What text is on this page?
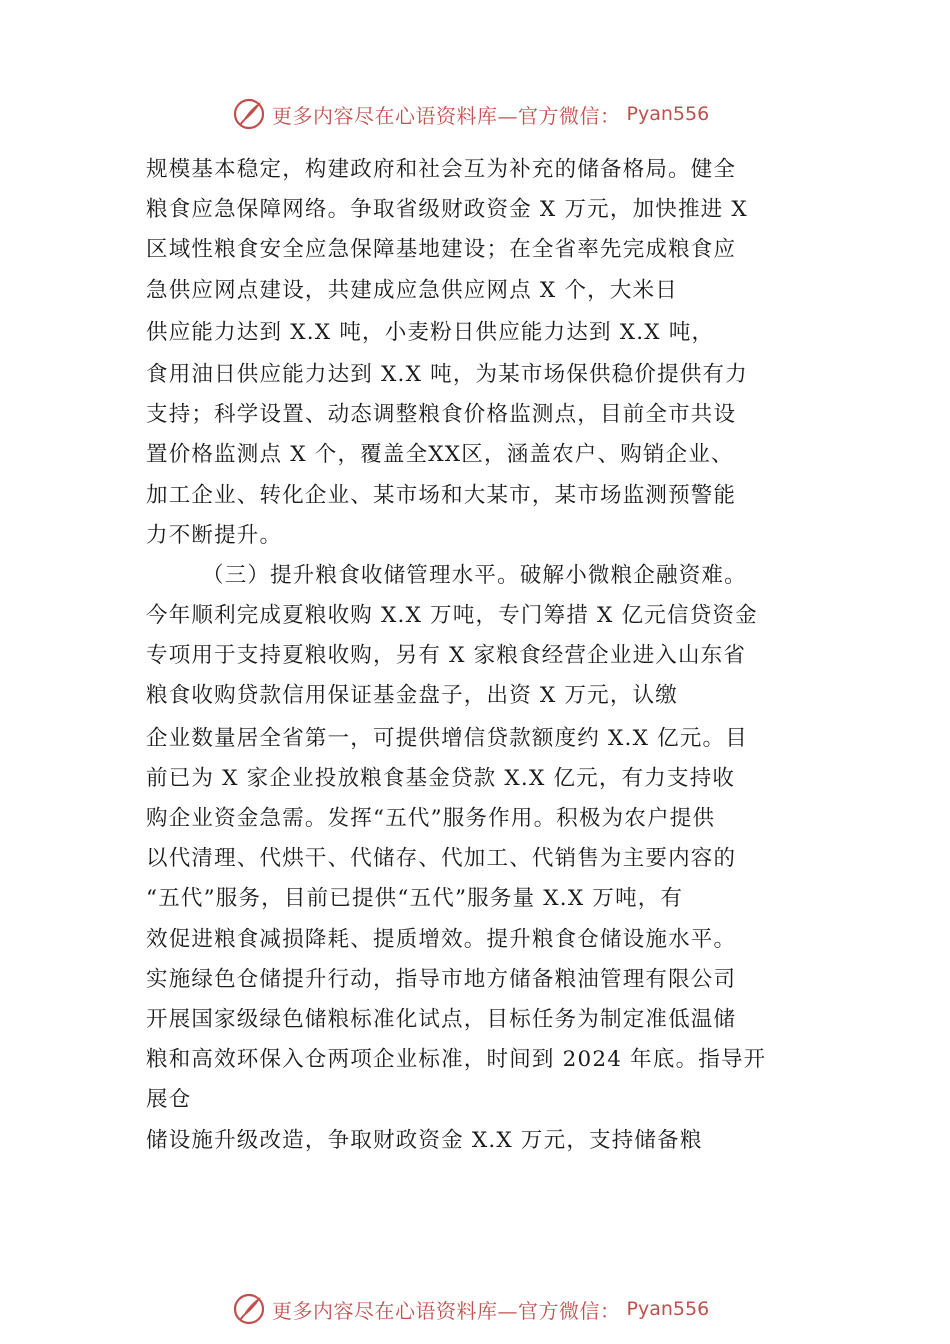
更多内容尽在心语资料库—官方微信： Pyan556
规模基本稳定，构建政府和社会互为补充的储备格局。健全
粮食应急保障网络。争取省级财政资金 X 万元，加快推进 X
区域性粮食安全应急保障基地建设；在全省率先完成粮食应
急供应网点建设，共建成应急供应网点 X 个，大米日
供应能力达到 X.X 吨，小麦粉日供应能力达到 X.X 吨，
食用油日供应能力达到 X.X 吨，为某市场保供稳价提供有力
支持；科学设置、动态调整粮食价格监测点，目前全市共设
置价格监测点 X 个，覆盖全XX区，涵盖农户、购销企业、
加工企业、转化企业、某市场和大某市，某市场监测预警能
力不断提升。
（三）提升粮食收储管理水平。破解小微粮企融资难。
今年顺利完成夏粮收购 X.X 万吨，专门筹措 X 亿元信贷资金
专项用于支持夏粮收购，另有 X 家粮食经营企业进入山东省
粮食收购贷款信用保证基金盘子，出资 X 万元，认缴
企业数量居全省第一，可提供增信贷款额度约 X.X 亿元。目
前已为 X 家企业投放粮食基金贷款 X.X 亿元，有力支持收
购企业资金急需。发挥“五代”服务作用。积极为农户提供
以代清理、代烘干、代储存、代加工、代销售为主要内容的
“五代”服务，目前已提供“五代”服务量 X.X 万吨，有
效促进粮食减损降耗、提质增效。提升粮食仓储设施水平。
实施绿色仓储提升行动，指导市地方储备粮油管理有限公司
开展国家级绿色储粮标准化试点，目标任务为制定准低温储
粮和高效环保入仓两项企业标准，时间到 2024 年底。指导开
展仓
储设施升级改造，争取财政资金 X.X 万元，支持储备粮
更多内容尽在心语资料库—官方微信： Pyan556
